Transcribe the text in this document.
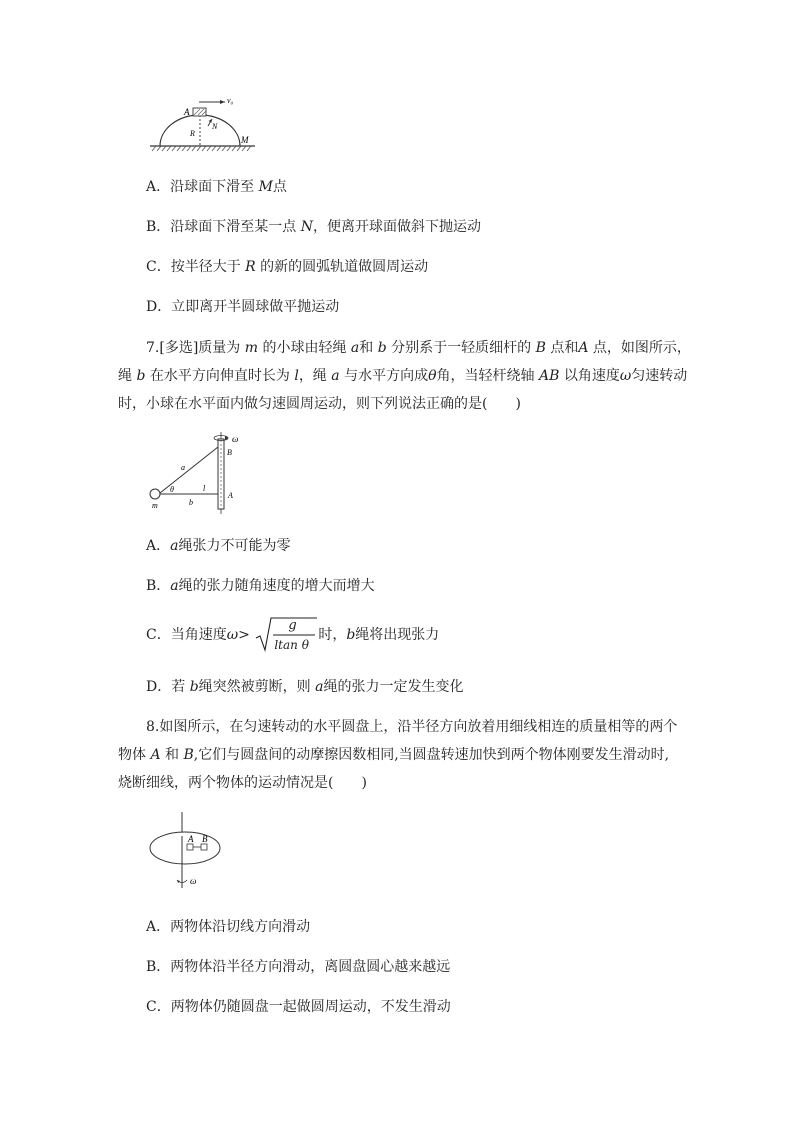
v₀
A
N
R
M
A．沿球面下滑至 M点
B．沿球面下滑至某一点 N，便离开球面做斜下抛运动
C．按半径大于 R 的新的圆弧轨道做圆周运动
D．立即离开半圆球做平抛运动
7.[多选]质量为 m 的小球由轻绳 a和 b 分别系于一轻质细杆的 B 点和A 点，如图所示，
绳 b 在水平方向伸直时长为 l，绳 a 与水平方向成θ角，当轻杆绕轴 AB 以角速度ω匀速转动
时，小球在水平面内做匀速圆周运动，则下列说法正确的是(　　)
ω
B
A
a
θ	l
b
m
A．a绳张力不可能为零
B．a绳的张力随角速度的增大而增大
C．当角速度ω>
g
ltan θ
时，b绳将出现张力
D．若 b绳突然被剪断，则 a绳的张力一定发生变化
8.如图所示，在匀速转动的水平圆盘上，沿半径方向放着用细线相连的质量相等的两个
物体 A 和 B,它们与圆盘间的动摩擦因数相同,当圆盘转速加快到两个物体刚要发生滑动时,
烧断细线，两个物体的运动情况是(　　)
A B
ω
A．两物体沿切线方向滑动
B．两物体沿半径方向滑动，离圆盘圆心越来越远
C．两物体仍随圆盘一起做圆周运动，不发生滑动
